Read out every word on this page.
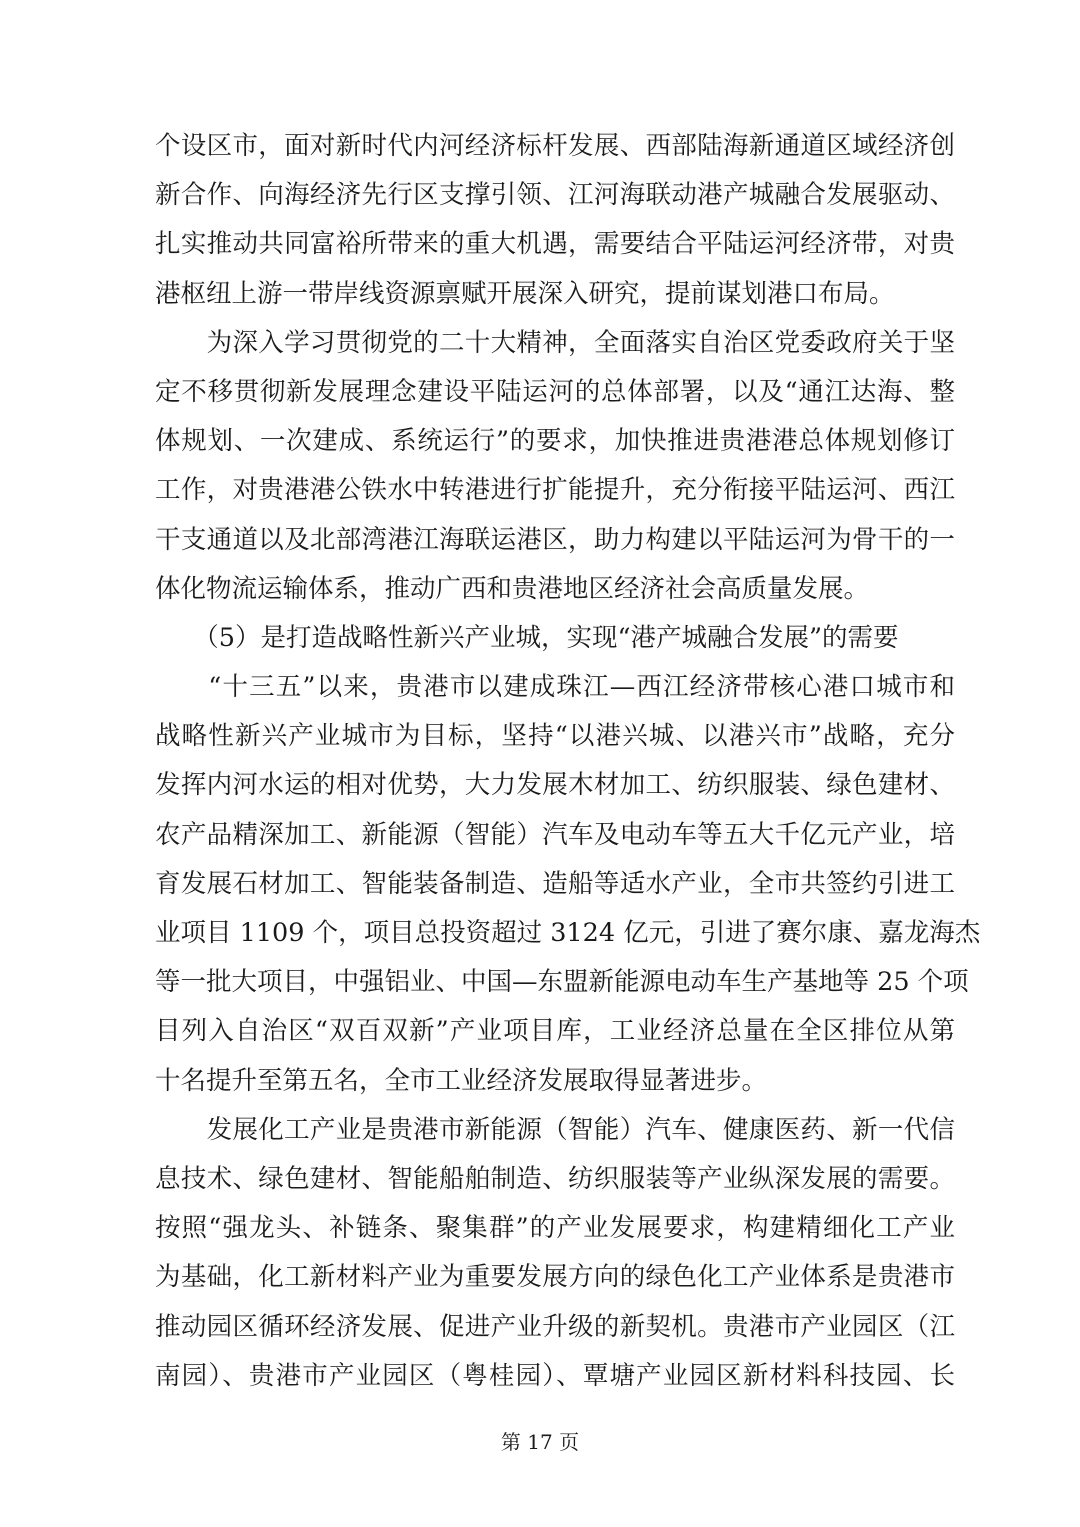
个设区市，面对新时代内河经济标杆发展、西部陆海新通道区域经济创
新合作、向海经济先行区支撑引领、江河海联动港产城融合发展驱动、
扎实推动共同富裕所带来的重大机遇，需要结合平陆运河经济带，对贵
港枢纽上游一带岸线资源禀赋开展深入研究，提前谋划港口布局。
　　为深入学习贯彻党的二十大精神，全面落实自治区党委政府关于坚
定不移贯彻新发展理念建设平陆运河的总体部署，以及“通江达海、整
体规划、一次建成、系统运行”的要求，加快推进贵港港总体规划修订
工作，对贵港港公铁水中转港进行扩能提升，充分衔接平陆运河、西江
干支通道以及北部湾港江海联运港区，助力构建以平陆运河为骨干的一
体化物流运输体系，推动广西和贵港地区经济社会高质量发展。
　　（5）是打造战略性新兴产业城，实现“港产城融合发展”的需要
　　“十三五”以来，贵港市以建成珠江—西江经济带核心港口城市和
战略性新兴产业城市为目标，坚持“以港兴城、以港兴市”战略，充分
发挥内河水运的相对优势，大力发展木材加工、纺织服装、绿色建材、
农产品精深加工、新能源（智能）汽车及电动车等五大千亿元产业，培
育发展石材加工、智能装备制造、造船等适水产业，全市共签约引进工
业项目 1109 个，项目总投资超过 3124 亿元，引进了赛尔康、嘉龙海杰
等一批大项目，中强铝业、中国—东盟新能源电动车生产基地等 25 个项
目列入自治区“双百双新”产业项目库，工业经济总量在全区排位从第
十名提升至第五名，全市工业经济发展取得显著进步。
　　发展化工产业是贵港市新能源（智能）汽车、健康医药、新一代信
息技术、绿色建材、智能船舶制造、纺织服装等产业纵深发展的需要。
按照“强龙头、补链条、聚集群”的产业发展要求，构建精细化工产业
为基础，化工新材料产业为重要发展方向的绿色化工产业体系是贵港市
推动园区循环经济发展、促进产业升级的新契机。贵港市产业园区（江
南园）、贵港市产业园区（粤桂园）、覃塘产业园区新材料科技园、长
第 17 页
